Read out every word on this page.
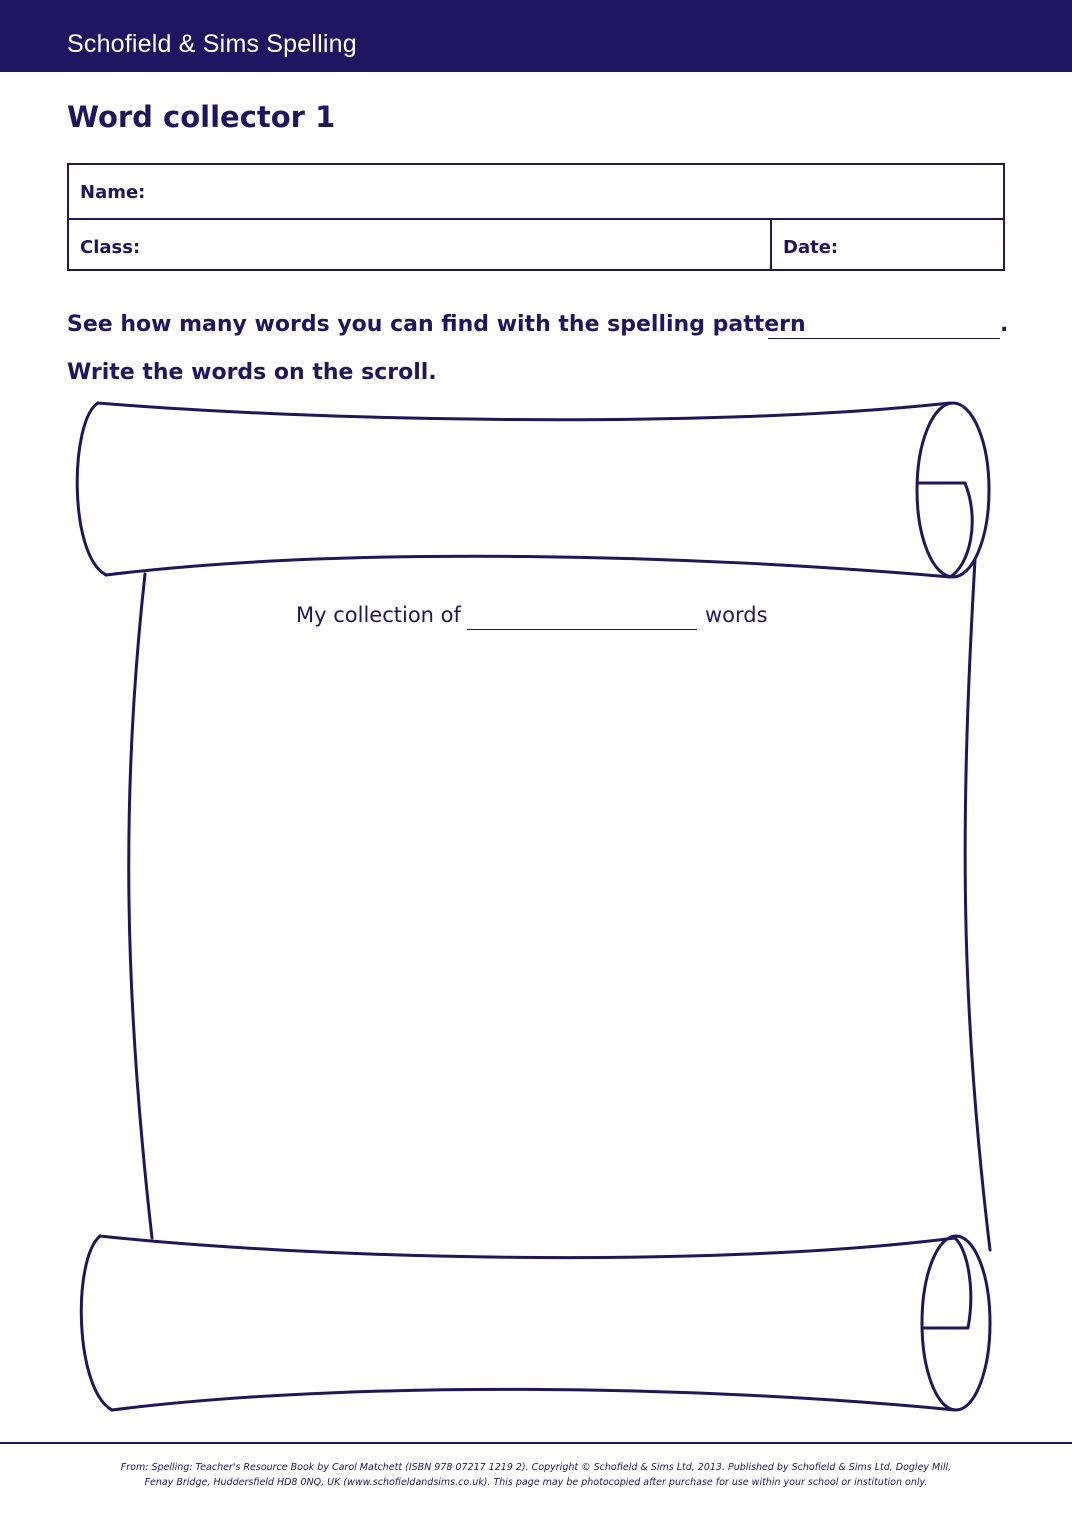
Schofield & Sims Spelling
Word collector 1
Name:
Class:	Date:
See how many words you can find with the spelling pattern	.
Write the words on the scroll.
My collection of	words
From: Spelling: Teacher's Resource Book by Carol Matchett (ISBN 978 07217 1219 2). Copyright © Schofield & Sims Ltd, 2013. Published by Schofield & Sims Ltd, Dogley Mill,
Fenay Bridge, Huddersfield HD8 0NQ, UK (www.schofieldandsims.co.uk). This page may be photocopied after purchase for use within your school or institution only.
